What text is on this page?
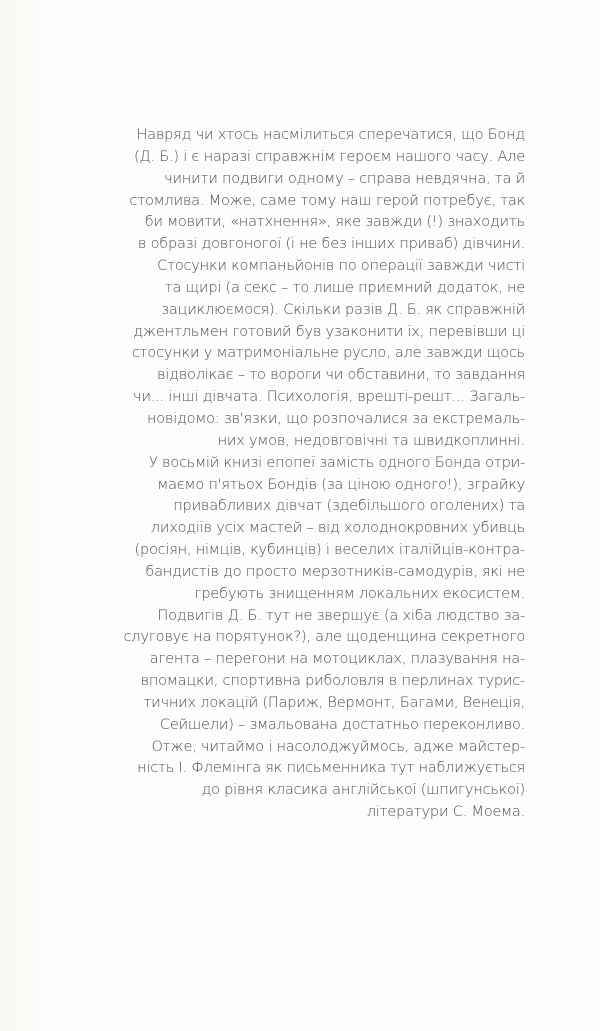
Навряд чи хтось насмілиться сперечатися, що Бонд
(Д. Б.) і є наразі справжнім героєм нашого часу. Але
чинити подвиги одному – справа невдячна, та й
стомлива. Може, саме тому наш герой потребує, так
би мовити, «натхнення», яке завжди (!) знаходить
в образі довгоногої (і не без інших приваб) дівчини.
Стосунки компаньйонів по операції завжди чисті
та щирі (а секс – то лише приємний додаток, не
зациклюємося). Скільки разів Д. Б. як справжній
джентльмен готовий був узаконити їх, перевівши ці
стосунки у матримоніальне русло, але завжди щось
відволікає – то вороги чи обставини, то завдання
чи... інші дівчата. Психологія, врешті-решт... Загаль-
новідомо: зв'язки, що розпочалися за екстремаль-
них умов, недовговічні та швидкоплинні.
У восьмій книзі епопеї замість одного Бонда отри-
маємо п'ятьох Бондів (за ціною одного!), зграйку
привабливих дівчат (здебільшого оголених) та
лиходіїв усіх мастей – від холоднокровних убивць
(росіян, німців, кубинців) і веселих італійців-контра-
бандистів до просто мерзотників-самодурів, які не
гребують знищенням локальних екосистем.
Подвигів Д. Б. тут не звершує (а хіба людство за-
слуговує на порятунок?), але щоденщина секретного
агента – перегони на мотоциклах, плазування на-
впомацки, спортивна риболовля в перлинах турис-
тичних локацій (Париж, Вермонт, Багами, Венеція,
Сейшели) – змальована достатньо переконливо.
Отже, читаймо і насолоджуймось, адже майстер-
ність І. Флемінга як письменника тут наближується
до рівня класика англійської (шпигунської)
літератури С. Моема.
